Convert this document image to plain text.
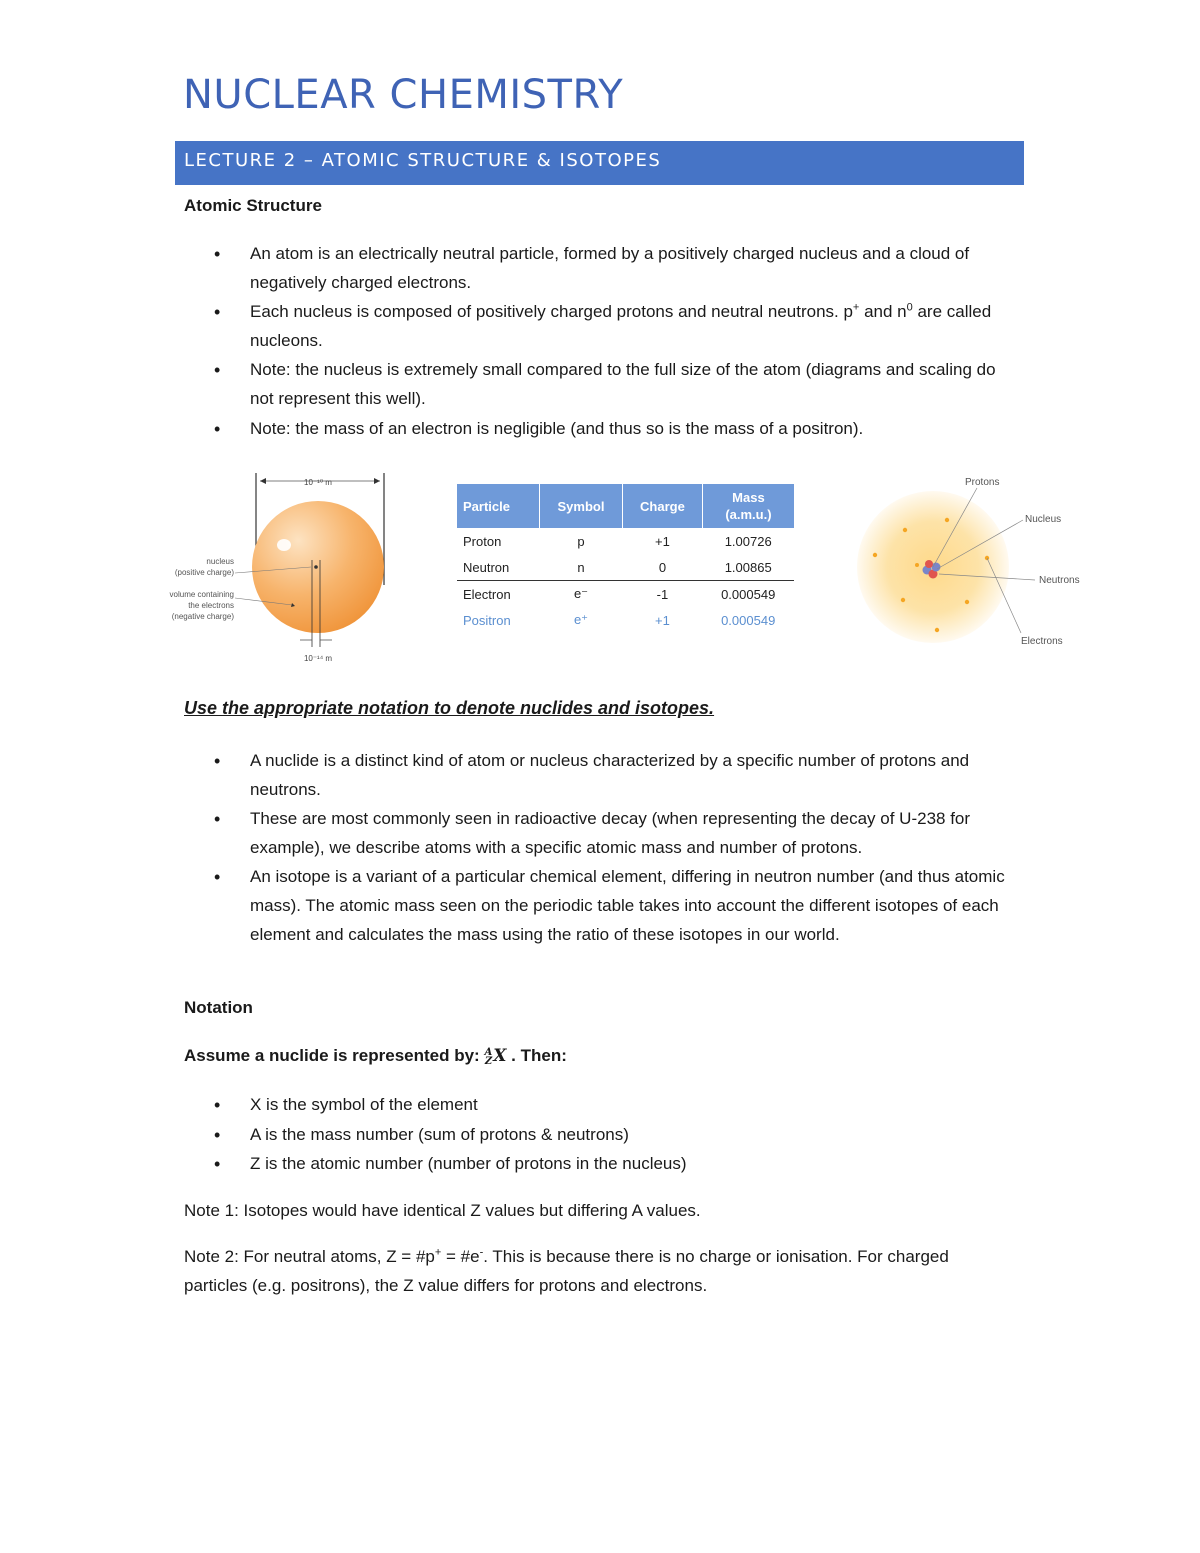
NUCLEAR CHEMISTRY
LECTURE 2 – ATOMIC STRUCTURE & ISOTOPES
Atomic Structure
• An atom is an electrically neutral particle, formed by a positively charged nucleus and a cloud of negatively charged electrons.
• Each nucleus is composed of positively charged protons and neutral neutrons. p+ and $n^0$ are called nucleons.
• Note: the nucleus is extremely small compared to the full size of the atom (diagrams and scaling do not represent this well).
• Note: the mass of an electron is negligible (and thus so is the mass of a positron).
10⁻¹⁰ m
10⁻¹⁴ m
nucleus
(positive charge)
volume containing
the electrons
(negative charge)
Particle	Symbol	Charge	Mass
(a.m.u.)
Proton	p	+1	1.00726
Neutron	n	0	1.00865
Electron	e⁻	-1	0.000549
Positron	e⁺	+1	0.000549
Protons
Nucleus
Neutrons
Electrons
Use the appropriate notation to denote nuclides and isotopes.
• A nuclide is a distinct kind of atom or nucleus characterized by a specific number of protons and neutrons.
• These are most commonly seen in radioactive decay (when representing the decay of U-238 for example), we describe atoms with a specific atomic mass and number of protons.
• An isotope is a variant of a particular chemical element, differing in neutron number (and thus atomic mass). The atomic mass seen on the periodic table takes into account the different isotopes of each element and calculates the mass using the ratio of these isotopes in our world.
Notation

Assume a nuclide is represented by: A
ZX . Then:

• X is the symbol of the element
• A is the mass number (sum of protons & neutrons)
• Z is the atomic number (number of protons in the nucleus)

Note 1: Isotopes would have identical Z values but differing A values.

Note 2: For neutral atoms, Z = #p+ = #e-. This is because there is no charge or ionisation. For charged particles (e.g. positrons), the Z value differs for protons and electrons.
